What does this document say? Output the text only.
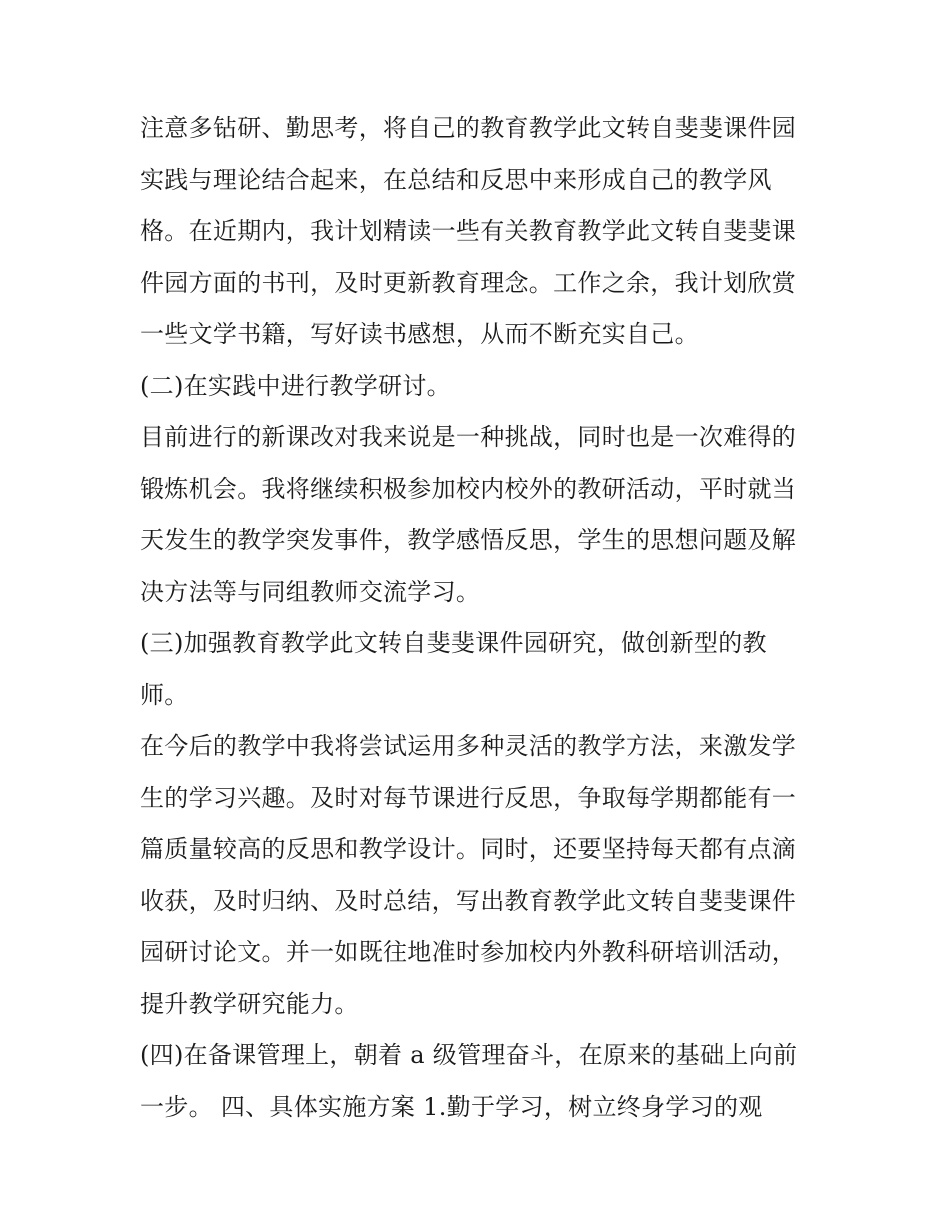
注意多钻研、勤思考，将自己的教育教学此文转自斐斐课件园
实践与理论结合起来，在总结和反思中来形成自己的教学风
格。在近期内，我计划精读一些有关教育教学此文转自斐斐课
件园方面的书刊，及时更新教育理念。工作之余，我计划欣赏
一些文学书籍，写好读书感想，从而不断充实自己。
(二)在实践中进行教学研讨。
目前进行的新课改对我来说是一种挑战，同时也是一次难得的
锻炼机会。我将继续积极参加校内校外的教研活动，平时就当
天发生的教学突发事件，教学感悟反思，学生的思想问题及解
决方法等与同组教师交流学习。
(三)加强教育教学此文转自斐斐课件园研究，做创新型的教
师。
在今后的教学中我将尝试运用多种灵活的教学方法，来激发学
生的学习兴趣。及时对每节课进行反思，争取每学期都能有一
篇质量较高的反思和教学设计。同时，还要坚持每天都有点滴
收获，及时归纳、及时总结，写出教育教学此文转自斐斐课件
园研讨论文。并一如既往地准时参加校内外教科研培训活动，
提升教学研究能力。
(四)在备课管理上，朝着 a 级管理奋斗，在原来的基础上向前
一步。 四、具体实施方案 1.勤于学习，树立终身学习的观
